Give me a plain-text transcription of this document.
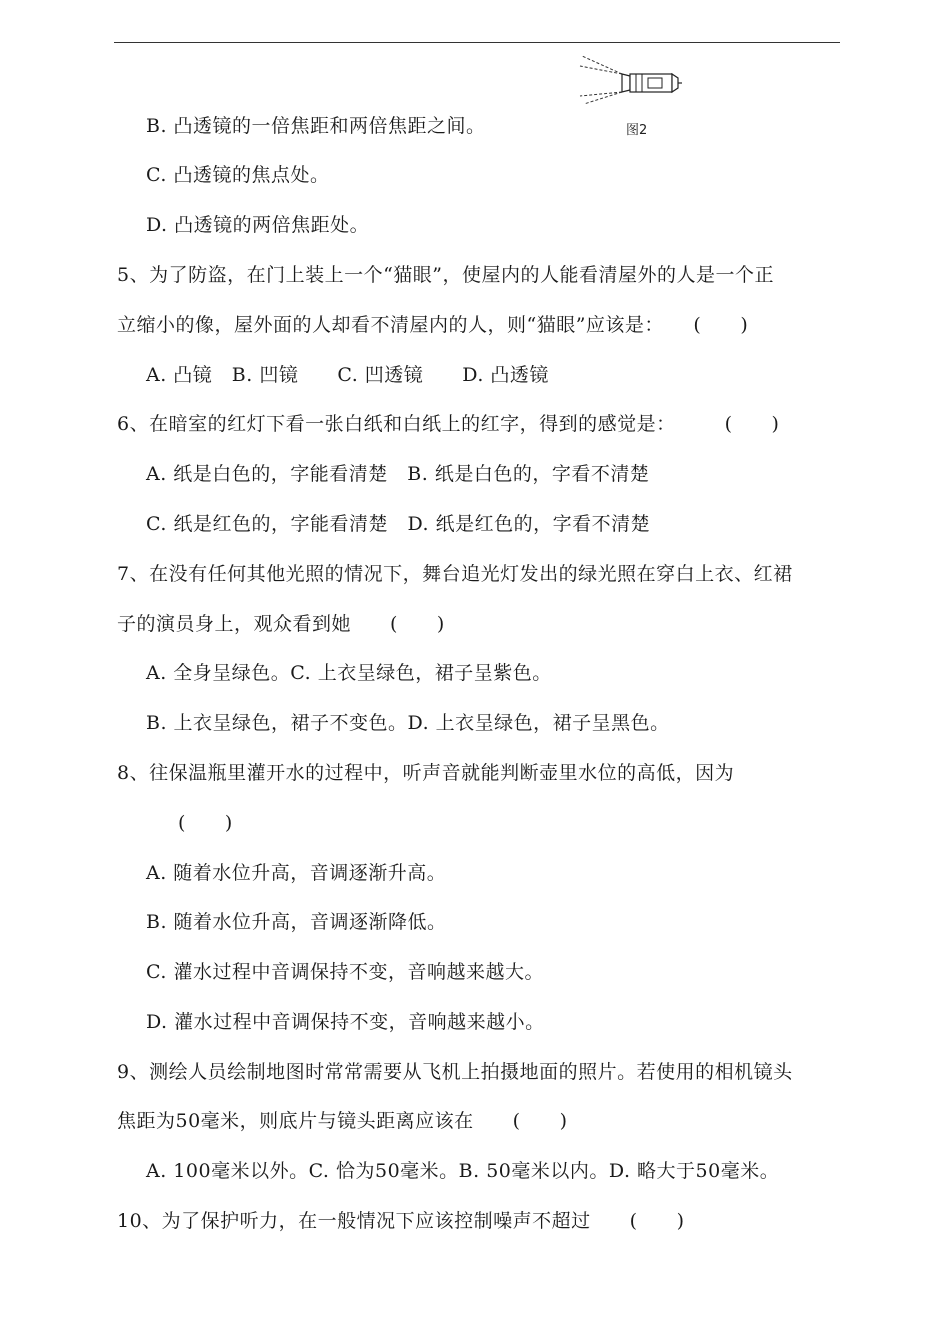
图2
B. 凸透镜的一倍焦距和两倍焦距之间。
C. 凸透镜的焦点处。
D. 凸透镜的两倍焦距处。
5、为了防盗，在门上装上一个“猫眼”，使屋内的人能看清屋外的人是一个正
立缩小的像，屋外面的人却看不清屋内的人，则“猫眼”应该是：　　(　　)
A. 凸镜　B. 凹镜　　C. 凹透镜　　D. 凸透镜
6、在暗室的红灯下看一张白纸和白纸上的红字，得到的感觉是：　　　(　　)
A. 纸是白色的，字能看清楚　B. 纸是白色的，字看不清楚
C. 纸是红色的，字能看清楚　D. 纸是红色的，字看不清楚
7、在没有任何其他光照的情况下，舞台追光灯发出的绿光照在穿白上衣、红裙
子的演员身上，观众看到她　　(　　)
A. 全身呈绿色。C. 上衣呈绿色，裙子呈紫色。
B. 上衣呈绿色，裙子不变色。D. 上衣呈绿色，裙子呈黑色。
8、往保温瓶里灌开水的过程中，听声音就能判断壶里水位的高低，因为
(　　)
A. 随着水位升高，音调逐渐升高。
B. 随着水位升高，音调逐渐降低。
C. 灌水过程中音调保持不变，音响越来越大。
D. 灌水过程中音调保持不变，音响越来越小。
9、测绘人员绘制地图时常常需要从飞机上拍摄地面的照片。若使用的相机镜头
焦距为50毫米，则底片与镜头距离应该在　　(　　)
A. 100毫米以外。C. 恰为50毫米。B. 50毫米以内。D. 略大于50毫米。
10、为了保护听力，在一般情况下应该控制噪声不超过　　(　　)
